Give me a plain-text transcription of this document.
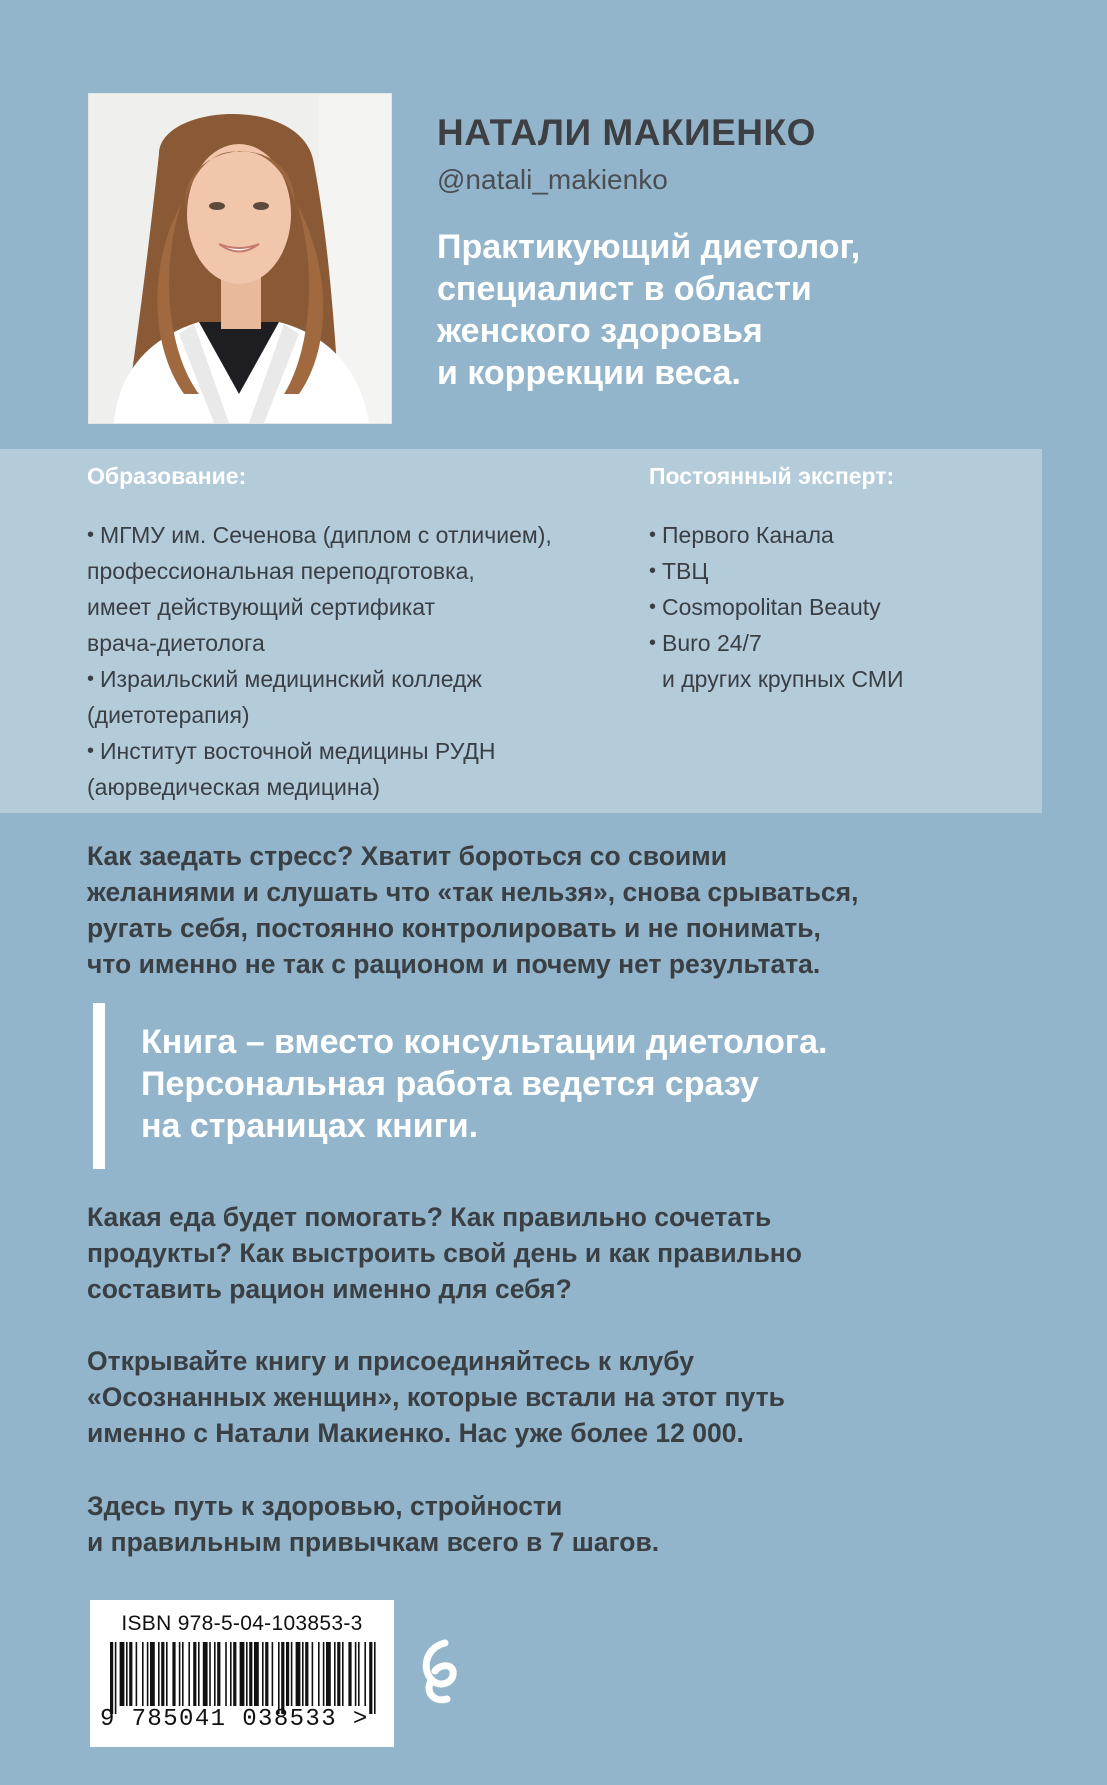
НАТАЛИ МАКИЕНКО
@natali_makienko
Практикующий диетолог,
специалист в области
женского здоровья
и коррекции веса.
Образование:
• МГМУ им. Сеченова (диплом с отличием),
профессиональная переподготовка,
имеет действующий сертификат
врача-диетолога
• Израильский медицинский колледж
(диетотерапия)
• Институт восточной медицины РУДН
(аюрведическая медицина)
Постоянный эксперт:
• Первого Канала
• ТВЦ
• Cosmopolitan Beauty
• Buro 24/7
и других крупных СМИ
Как заедать стресс? Хватит бороться со своими
желаниями и слушать что «так нельзя», снова срываться,
ругать себя, постоянно контролировать и не понимать,
что именно не так с рационом и почему нет результата.
Книга – вместо консультации диетолога.
Персональная работа ведется сразу
на страницах книги.
Какая еда будет помогать? Как правильно сочетать
продукты? Как выстроить свой день и как правильно
составить рацион именно для себя?
Открывайте книгу и присоединяйтесь к клубу
«Осознанных женщин», которые встали на этот путь
именно с Натали Макиенко. Нас уже более 12 000.
Здесь путь к здоровью, стройности
и правильным привычкам всего в 7 шагов.
ISBN 978-5-04-103853-3
9 785041 038533 >
